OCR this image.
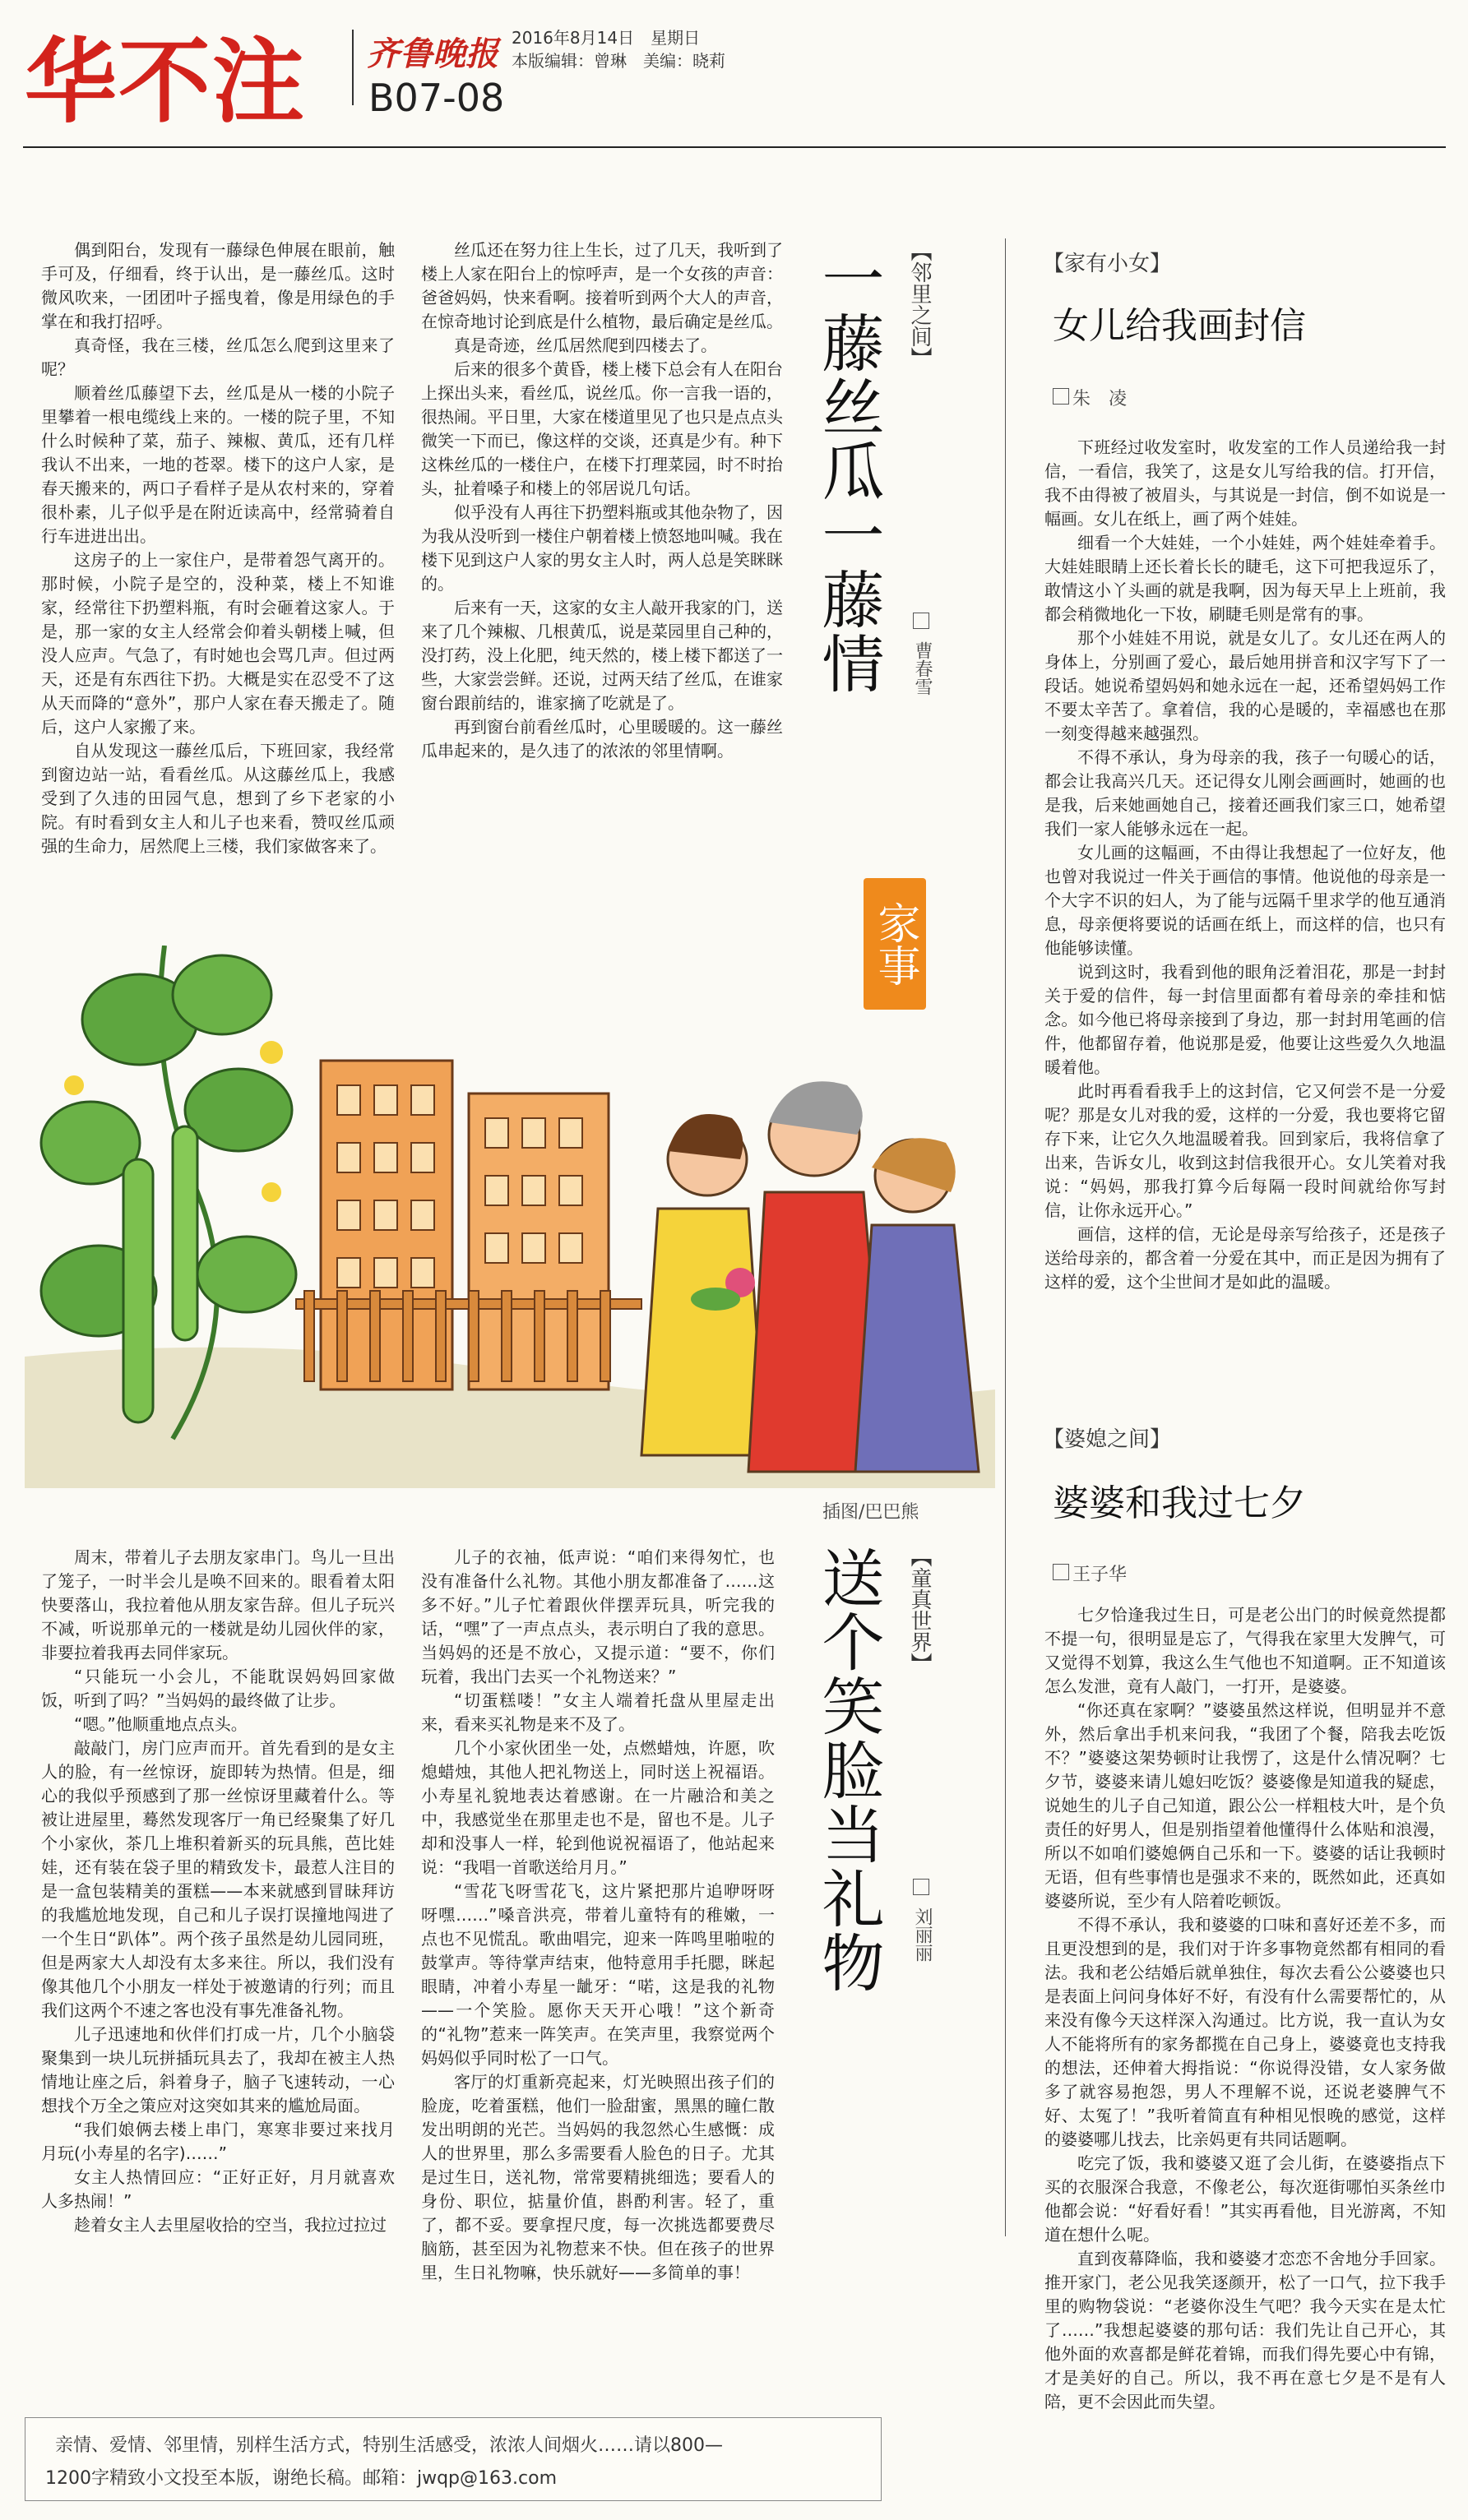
华不注 齐鲁晚报 2016年8月14日　星期日
本版编辑：曾琳　美编：晓莉
B07-08

偶到阳台，发现有一藤绿色伸展在眼前，触手可及，仔细看，终于认出，是一藤丝瓜。这时微风吹来，一团团叶子摇曳着，像是用绿色的手掌在和我打招呼。

真奇怪，我在三楼，丝瓜怎么爬到这里来了呢？

顺着丝瓜藤望下去，丝瓜是从一楼的小院子里攀着一根电缆线上来的。一楼的院子里，不知什么时候种了菜，茄子、辣椒、黄瓜，还有几样我认不出来，一地的苍翠。楼下的这户人家，是春天搬来的，两口子看样子是从农村来的，穿着很朴素，儿子似乎是在附近读高中，经常骑着自行车进进出出。

这房子的上一家住户，是带着怨气离开的。那时候，小院子是空的，没种菜，楼上不知谁家，经常往下扔塑料瓶，有时会砸着这家人。于是，那一家的女主人经常会仰着头朝楼上喊，但没人应声。气急了，有时她也会骂几声。但过两天，还是有东西往下扔。大概是实在忍受不了这从天而降的“意外”，那户人家在春天搬走了。随后，这户人家搬了来。

自从发现这一藤丝瓜后，下班回家，我经常到窗边站一站，看看丝瓜。从这藤丝瓜上，我感受到了久违的田园气息，想到了乡下老家的小院。有时看到女主人和儿子也来看，赞叹丝瓜顽强的生命力，居然爬上三楼，我们家做客来了。

丝瓜还在努力往上生长，过了几天，我听到了楼上人家在阳台上的惊呼声，是一个女孩的声音：爸爸妈妈，快来看啊。接着听到两个大人的声音，在惊奇地讨论到底是什么植物，最后确定是丝瓜。

真是奇迹，丝瓜居然爬到四楼去了。

后来的很多个黄昏，楼上楼下总会有人在阳台上探出头来，看丝瓜，说丝瓜。你一言我一语的，很热闹。平日里，大家在楼道里见了也只是点点头微笑一下而已，像这样的交谈，还真是少有。种下这株丝瓜的一楼住户，在楼下打理菜园，时不时抬头，扯着嗓子和楼上的邻居说几句话。

似乎没有人再往下扔塑料瓶或其他杂物了，因为我从没听到一楼住户朝着楼上愤怒地叫喊。我在楼下见到这户人家的男女主人时，两人总是笑眯眯的。

后来有一天，这家的女主人敲开我家的门，送来了几个辣椒、几根黄瓜，说是菜园里自己种的，没打药，没上化肥，纯天然的，楼上楼下都送了一些，大家尝尝鲜。还说，过两天结了丝瓜，在谁家窗台跟前结的，谁家摘了吃就是了。

再到窗台前看丝瓜时，心里暖暖的。这一藤丝瓜串起来的，是久违了的浓浓的邻里情啊。

一藤丝瓜一藤情 【邻里之间】
曹春雪
家事
插图/巴巴熊

周末，带着儿子去朋友家串门。鸟儿一旦出了笼子，一时半会儿是唤不回来的。眼看着太阳快要落山，我拉着他从朋友家告辞。但儿子玩兴不减，听说那单元的一楼就是幼儿园伙伴的家，非要拉着我再去同伴家玩。

“只能玩一小会儿，不能耽误妈妈回家做饭，听到了吗？”当妈妈的最终做了让步。

“嗯。”他顺重地点点头。

敲敲门，房门应声而开。首先看到的是女主人的脸，有一丝惊讶，旋即转为热情。但是，细心的我似乎预感到了那一丝惊讶里藏着什么。等被让进屋里，蓦然发现客厅一角已经聚集了好几个小家伙，茶几上堆积着新买的玩具熊，芭比娃娃，还有装在袋子里的精致发卡，最惹人注目的是一盒包装精美的蛋糕——本来就感到冒昧拜访的我尴尬地发现，自己和儿子误打误撞地闯进了一个生日“趴体”。两个孩子虽然是幼儿园同班，但是两家大人却没有太多来往。所以，我们没有像其他几个小朋友一样处于被邀请的行列；而且我们这两个不速之客也没有事先准备礼物。

儿子迅速地和伙伴们打成一片，几个小脑袋聚集到一块儿玩拼插玩具去了，我却在被主人热情地让座之后，斜着身子，脑子飞速转动，一心想找个万全之策应对这突如其来的尴尬局面。

“我们娘俩去楼上串门，寒寒非要过来找月月玩(小寿星的名字)……”

女主人热情回应：“正好正好，月月就喜欢人多热闹！”

趁着女主人去里屋收拾的空当，我拉过拉过

儿子的衣袖，低声说：“咱们来得匆忙，也没有准备什么礼物。其他小朋友都准备了……这多不好。”儿子忙着跟伙伴摆弄玩具，听完我的话，“嘿”了一声点点头，表示明白了我的意思。当妈妈的还是不放心，又提示道：“要不，你们玩着，我出门去买一个礼物送来？”

“切蛋糕喽！”女主人端着托盘从里屋走出来，看来买礼物是来不及了。

几个小家伙团坐一处，点燃蜡烛，许愿，吹熄蜡烛，其他人把礼物送上，同时送上祝福语。小寿星礼貌地表达着感谢。在一片融洽和美之中，我感觉坐在那里走也不是，留也不是。儿子却和没事人一样，轮到他说祝福语了，他站起来说：“我唱一首歌送给月月。”

“雪花飞呀雪花飞，这片紧把那片追咿呀呀呀嘿……”嗓音洪亮，带着儿童特有的稚嫩，一点也不见慌乱。歌曲唱完，迎来一阵鸣里啪啦的鼓掌声。等待掌声结束，他特意用手托腮，眯起眼睛，冲着小寿星一龇牙：“喏，这是我的礼物——一个笑脸。愿你天天开心哦！”这个新奇的“礼物”惹来一阵笑声。在笑声里，我察觉两个妈妈似乎同时松了一口气。

客厅的灯重新亮起来，灯光映照出孩子们的脸庞，吃着蛋糕，他们一脸甜蜜，黑黑的瞳仁散发出明朗的光芒。当妈妈的我忽然心生感慨：成人的世界里，那么多需要看人脸色的日子。尤其是过生日，送礼物，常常要精挑细选；要看人的身份、职位，掂量价值，斟酌利害。轻了，重了，都不妥。要拿捏尺度，每一次挑选都要费尽脑筋，甚至因为礼物惹来不快。但在孩子的世界里，生日礼物嘛，快乐就好——多简单的事！

送个笑脸当礼物 【童真世界】
刘丽丽
【家有小女】
女儿给我画封信
朱　凌

下班经过收发室时，收发室的工作人员递给我一封信，一看信，我笑了，这是女儿写给我的信。打开信，我不由得被了被眉头，与其说是一封信，倒不如说是一幅画。女儿在纸上，画了两个娃娃。

细看一个大娃娃，一个小娃娃，两个娃娃牵着手。大娃娃眼睛上还长着长长的睫毛，这下可把我逗乐了，敢情这小丫头画的就是我啊，因为每天早上上班前，我都会稍微地化一下妆，刷睫毛则是常有的事。

那个小娃娃不用说，就是女儿了。女儿还在两人的身体上，分别画了爱心，最后她用拼音和汉字写下了一段话。她说希望妈妈和她永远在一起，还希望妈妈工作不要太辛苦了。拿着信，我的心是暖的，幸福感也在那一刻变得越来越强烈。

不得不承认，身为母亲的我，孩子一句暖心的话，都会让我高兴几天。还记得女儿刚会画画时，她画的也是我，后来她画她自己，接着还画我们家三口，她希望我们一家人能够永远在一起。

女儿画的这幅画，不由得让我想起了一位好友，他也曾对我说过一件关于画信的事情。他说他的母亲是一个大字不识的妇人，为了能与远隔千里求学的他互通消息，母亲便将要说的话画在纸上，而这样的信，也只有他能够读懂。

说到这时，我看到他的眼角泛着泪花，那是一封封关于爱的信件，每一封信里面都有着母亲的牵挂和惦念。如今他已将母亲接到了身边，那一封封用笔画的信件，他都留存着，他说那是爱，他要让这些爱久久地温暖着他。

此时再看看我手上的这封信，它又何尝不是一分爱呢？那是女儿对我的爱，这样的一分爱，我也要将它留存下来，让它久久地温暖着我。回到家后，我将信拿了出来，告诉女儿，收到这封信我很开心。女儿笑着对我说：“妈妈，那我打算今后每隔一段时间就给你写封信，让你永远开心。”

画信，这样的信，无论是母亲写给孩子，还是孩子送给母亲的，都含着一分爱在其中，而正是因为拥有了这样的爱，这个尘世间才是如此的温暖。

【婆媳之间】
婆婆和我过七夕
王子华

七夕恰逢我过生日，可是老公出门的时候竟然提都不提一句，很明显是忘了，气得我在家里大发脾气，可又觉得不划算，我这么生气他也不知道啊。正不知道该怎么发泄，竟有人敲门，一打开，是婆婆。

“你还真在家啊？”婆婆虽然这样说，但明显并不意外，然后拿出手机来问我，“我团了个餐，陪我去吃饭不？”婆婆这架势顿时让我愣了，这是什么情况啊？七夕节，婆婆来请儿媳妇吃饭？婆婆像是知道我的疑虑，说她生的儿子自己知道，跟公公一样粗枝大叶，是个负责任的好男人，但是别指望着他懂得什么体贴和浪漫，所以不如咱们婆媳俩自己乐和一下。婆婆的话让我顿时无语，但有些事情也是强求不来的，既然如此，还真如婆婆所说，至少有人陪着吃顿饭。

不得不承认，我和婆婆的口味和喜好还差不多，而且更没想到的是，我们对于许多事物竟然都有相同的看法。我和老公结婚后就单独住，每次去看公公婆婆也只是表面上问问身体好不好，有没有什么需要帮忙的，从来没有像今天这样深入沟通过。比方说，我一直认为女人不能将所有的家务都揽在自己身上，婆婆竟也支持我的想法，还伸着大拇指说：“你说得没错，女人家务做多了就容易抱怨，男人不理解不说，还说老婆脾气不好、太冤了！”我听着简直有种相见恨晚的感觉，这样的婆婆哪儿找去，比亲妈更有共同话题啊。

吃完了饭，我和婆婆又逛了会儿街，在婆婆指点下买的衣服深合我意，不像老公，每次逛街哪怕买条丝巾他都会说：“好看好看！”其实再看他，目光游离，不知道在想什么呢。

直到夜幕降临，我和婆婆才恋恋不舍地分手回家。推开家门，老公见我笑逐颜开，松了一口气，拉下我手里的购物袋说：“老婆你没生气吧？我今天实在是太忙了……”我想起婆婆的那句话：我们先让自己开心，其他外面的欢喜都是鲜花着锦，而我们得先要心中有锦，才是美好的自己。所以，我不再在意七夕是不是有人陪，更不会因此而失望。

亲情、爱情、邻里情，别样生活方式，特别生活感受，浓浓人间烟火……请以800—
1200字精致小文投至本版，谢绝长稿。邮箱：jwqp@163.com
